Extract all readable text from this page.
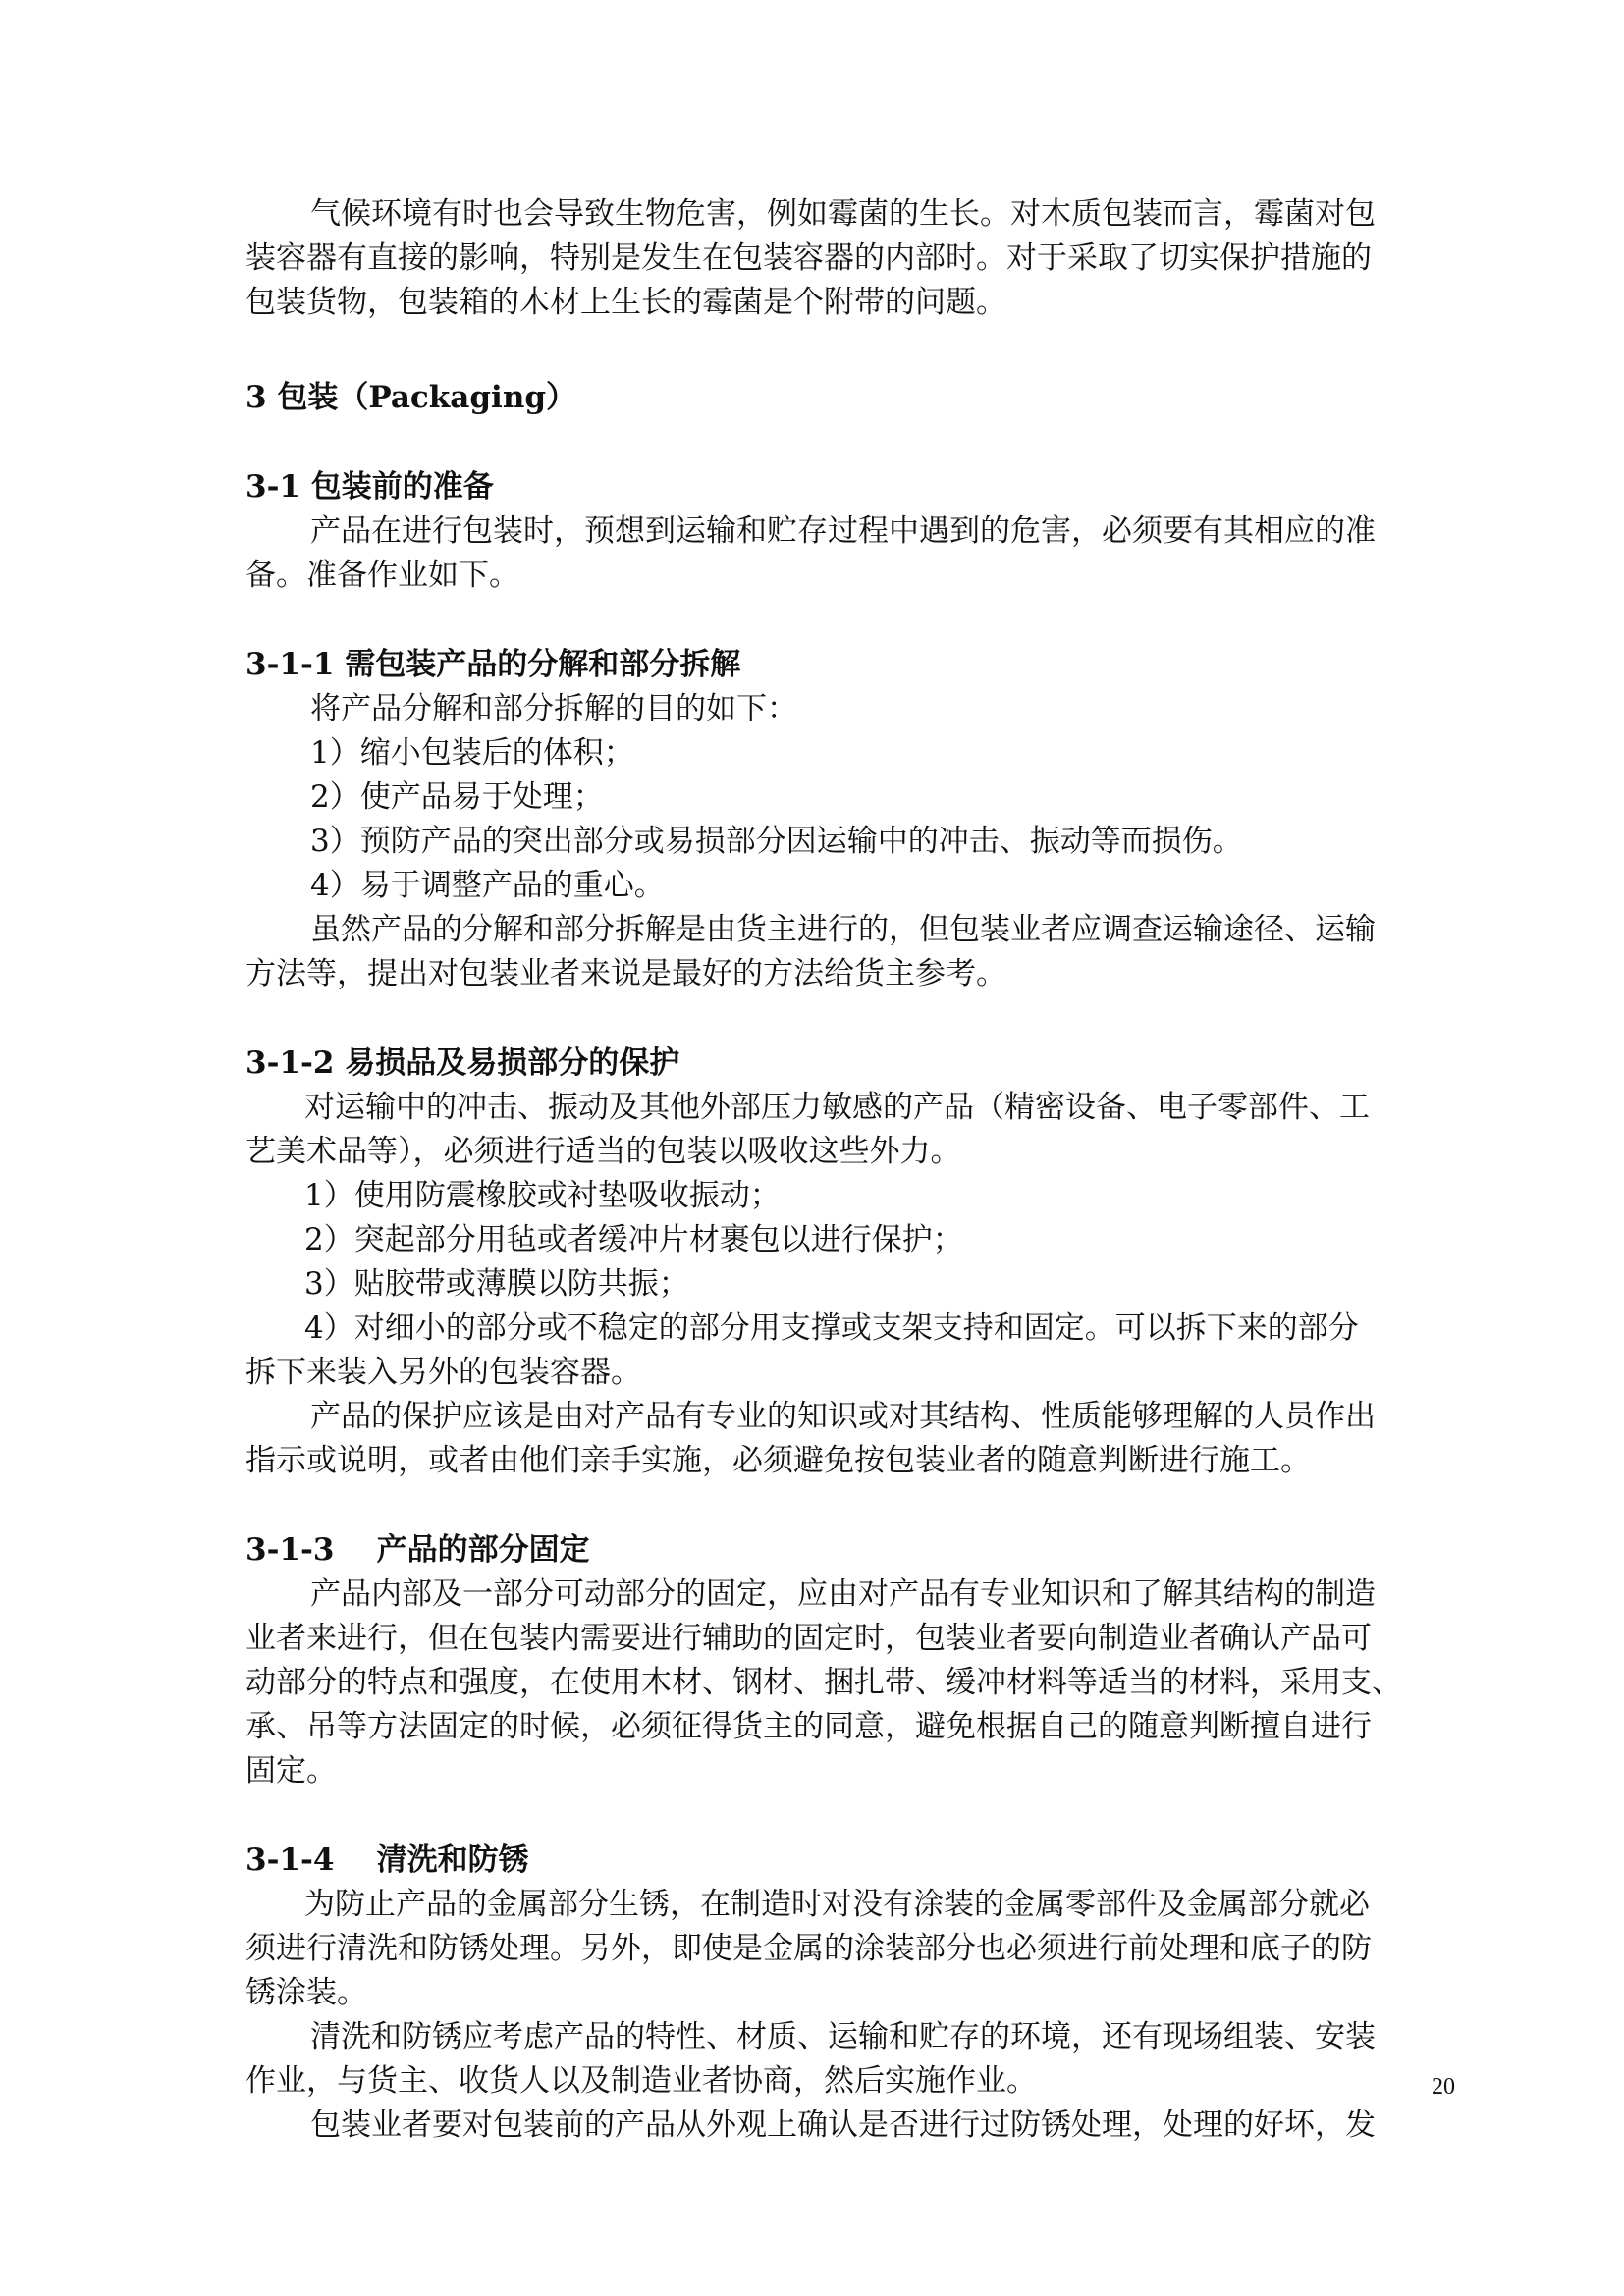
气候环境有时也会导致生物危害，例如霉菌的生长。对木质包装而言，霉菌对包

装容器有直接的影响，特别是发生在包装容器的内部时。对于采取了切实保护措施的

包装货物，包装箱的木材上生长的霉菌是个附带的问题。

3 包装（Packaging）

3-1 包装前的准备

产品在进行包装时，预想到运输和贮存过程中遇到的危害，必须要有其相应的准

备。准备作业如下。

3-1-1 需包装产品的分解和部分拆解

将产品分解和部分拆解的目的如下：

1）缩小包装后的体积；

2）使产品易于处理；

3）预防产品的突出部分或易损部分因运输中的冲击、振动等而损伤。

4）易于调整产品的重心。

虽然产品的分解和部分拆解是由货主进行的，但包装业者应调查运输途径、运输

方法等，提出对包装业者来说是最好的方法给货主参考。

3-1-2 易损品及易损部分的保护

对运输中的冲击、振动及其他外部压力敏感的产品（精密设备、电子零部件、工

艺美术品等），必须进行适当的包装以吸收这些外力。

1）使用防震橡胶或衬垫吸收振动；

2）突起部分用毡或者缓冲片材裹包以进行保护；

3）贴胶带或薄膜以防共振；

4）对细小的部分或不稳定的部分用支撑或支架支持和固定。可以拆下来的部分

拆下来装入另外的包装容器。

产品的保护应该是由对产品有专业的知识或对其结构、性质能够理解的人员作出

指示或说明，或者由他们亲手实施，必须避免按包装业者的随意判断进行施工。

3-1-3    产品的部分固定

产品内部及一部分可动部分的固定，应由对产品有专业知识和了解其结构的制造

业者来进行，但在包装内需要进行辅助的固定时，包装业者要向制造业者确认产品可

动部分的特点和强度，在使用木材、钢材、捆扎带、缓冲材料等适当的材料，采用支、

承、吊等方法固定的时候，必须征得货主的同意，避免根据自己的随意判断擅自进行

固定。

3-1-4    清洗和防锈

为防止产品的金属部分生锈，在制造时对没有涂装的金属零部件及金属部分就必

须进行清洗和防锈处理。另外，即使是金属的涂装部分也必须进行前处理和底子的防

锈涂装。

清洗和防锈应考虑产品的特性、材质、运输和贮存的环境，还有现场组装、安装

作业，与货主、收货人以及制造业者协商，然后实施作业。

包装业者要对包装前的产品从外观上确认是否进行过防锈处理，处理的好坏，发

20
